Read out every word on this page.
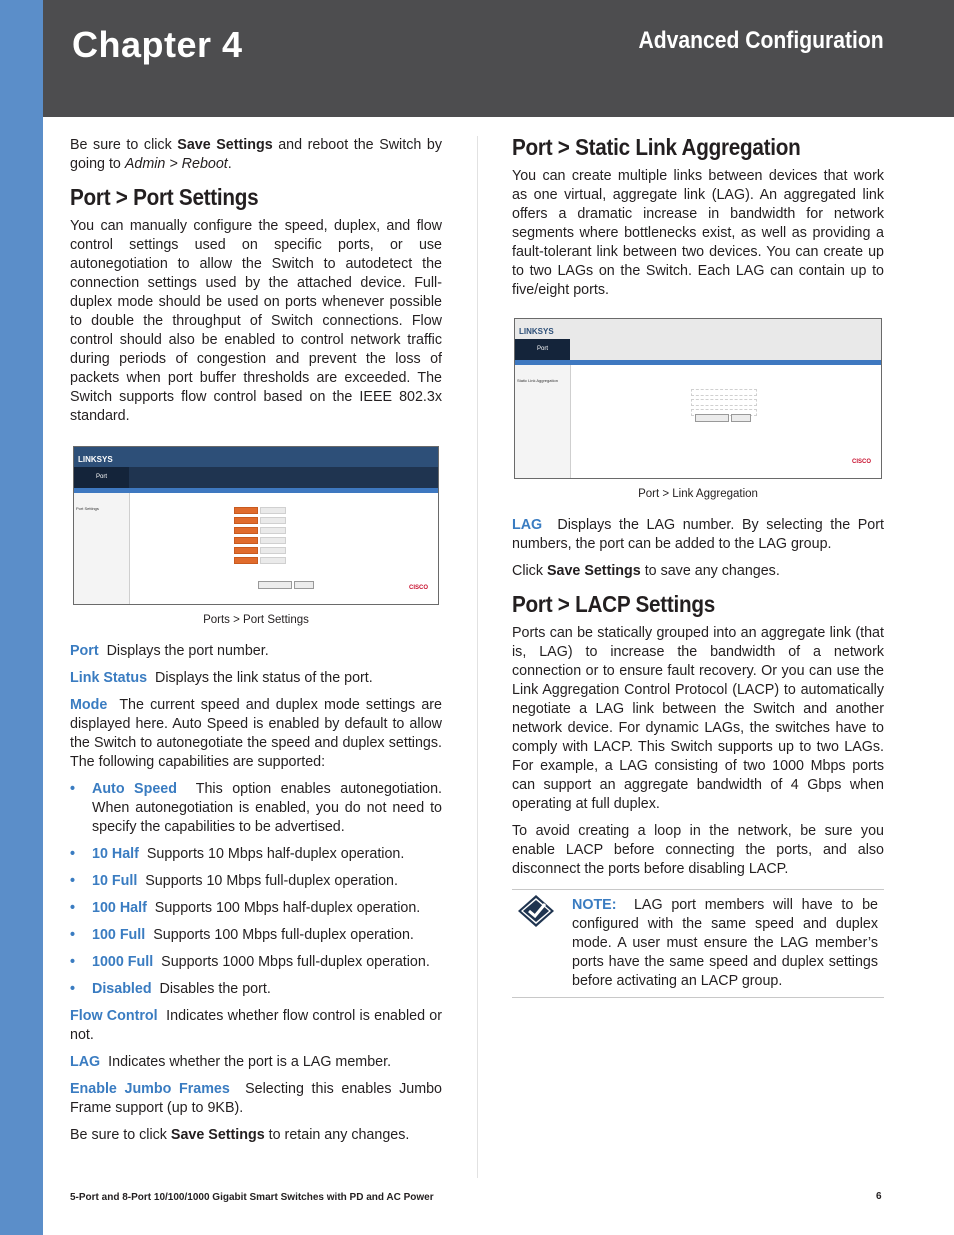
Chapter 4	Advanced Configuration

Be sure to click Save Settings and reboot the Switch by going to Admin > Reboot.

Port > Port Settings

You can manually configure the speed, duplex, and flow control settings used on specific ports, or use autonegotiation to allow the Switch to autodetect the connection settings used by the attached device. Full-duplex mode should be used on ports whenever possible to double the throughput of Switch connections. Flow control should also be enabled to control network traffic during periods of congestion and prevent the loss of packets when port buffer thresholds are exceeded. The Switch supports flow control based on the IEEE 802.3x standard.

LINKSYS
Port
Port Settings
CISCO
Ports > Port Settings

Port Displays the port number.

Link Status Displays the link status of the port.

Mode The current speed and duplex mode settings are displayed here. Auto Speed is enabled by default to allow the Switch to autonegotiate the speed and duplex settings. The following capabilities are supported:

• Auto Speed This option enables autonegotiation. When autonegotiation is enabled, you do not need to specify the capabilities to be advertised.
• 10 Half Supports 10 Mbps half-duplex operation.
• 10 Full Supports 10 Mbps full-duplex operation.
• 100 Half Supports 100 Mbps half-duplex operation.
• 100 Full Supports 100 Mbps full-duplex operation.
• 1000 Full Supports 1000 Mbps full-duplex operation.
• Disabled Disables the port.

Flow Control Indicates whether flow control is enabled or not.

LAG Indicates whether the port is a LAG member.

Enable Jumbo Frames Selecting this enables Jumbo Frame support (up to 9KB).

Be sure to click Save Settings to retain any changes.

Port > Static Link Aggregation

You can create multiple links between devices that work as one virtual, aggregate link (LAG). An aggregated link offers a dramatic increase in bandwidth for network segments where bottlenecks exist, as well as providing a fault-tolerant link between two devices. You can create up to two LAGs on the Switch. Each LAG can contain up to five/eight ports.

LINKSYS
Port
Static Link Aggregation
CISCO
Port > Link Aggregation

LAG Displays the LAG number. By selecting the Port numbers, the port can be added to the LAG group.

Click Save Settings to save any changes.

Port > LACP Settings

Ports can be statically grouped into an aggregate link (that is, LAG) to increase the bandwidth of a network connection or to ensure fault recovery. Or you can use the Link Aggregation Control Protocol (LACP) to automatically negotiate a LAG link between the Switch and another network device. For dynamic LAGs, the switches have to comply with LACP. This Switch supports up to two LAGs. For example, a LAG consisting of two 1000 Mbps ports can support an aggregate bandwidth of 4 Gbps when operating at full duplex.

To avoid creating a loop in the network, be sure you enable LACP before connecting the ports, and also disconnect the ports before disabling LACP.

NOTE: LAG port members will have to be configured with the same speed and duplex mode. A user must ensure the LAG member’s ports have the same speed and duplex settings before activating an LACP group.

5-Port and 8-Port 10/100/1000 Gigabit Smart Switches with PD and AC Power	6
